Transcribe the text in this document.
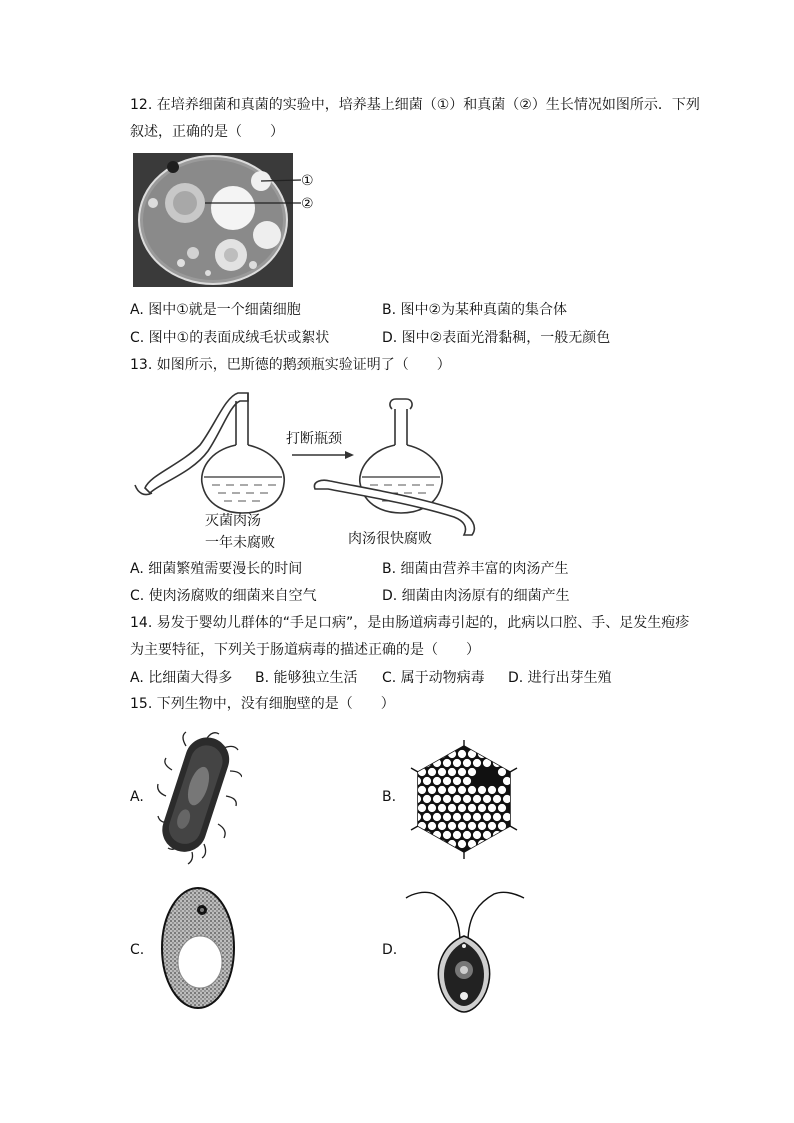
12. 在培养细菌和真菌的实验中，培养基上细菌（①）和真菌（②）生长情况如图所示．下列
叙述，正确的是（　　）
①
②
A. 图中①就是一个细菌细胞	B. 图中②为某种真菌的集合体
C. 图中①的表面成绒毛状或絮状	D. 图中②表面光滑黏稠，一般无颜色
13. 如图所示，巴斯德的鹅颈瓶实验证明了（　　）
打断瓶颈
灭菌肉汤
一年未腐败	肉汤很快腐败
A. 细菌繁殖需要漫长的时间	B. 细菌由营养丰富的肉汤产生
C. 使肉汤腐败的细菌来自空气	D. 细菌由肉汤原有的细菌产生
14. 易发于婴幼儿群体的“手足口病”，是由肠道病毒引起的，此病以口腔、手、足发生疱疹
为主要特征，下列关于肠道病毒的描述正确的是（　　）
A. 比细菌大得多 B. 能够独立生活 C. 属于动物病毒 D. 进行出芽生殖
15. 下列生物中，没有细胞壁的是（　　）
A.	B.
C.	D.
